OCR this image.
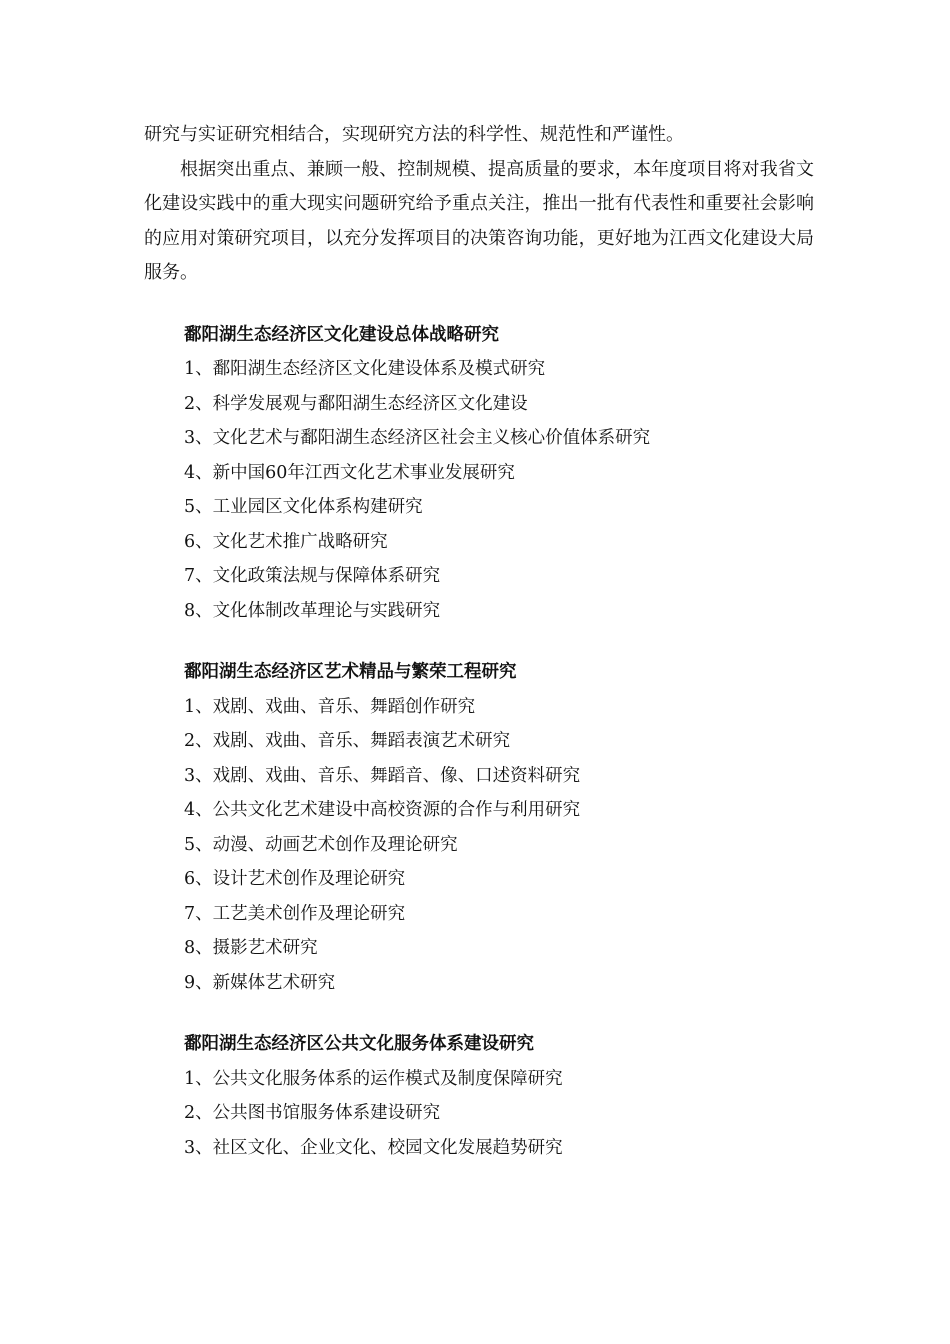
研究与实证研究相结合，实现研究方法的科学性、规范性和严谨性。

根据突出重点、兼顾一般、控制规模、提高质量的要求，本年度项目将对我省文化建设实践中的重大现实问题研究给予重点关注，推出一批有代表性和重要社会影响的应用对策研究项目，以充分发挥项目的决策咨询功能，更好地为江西文化建设大局服务。

鄱阳湖生态经济区文化建设总体战略研究
1、鄱阳湖生态经济区文化建设体系及模式研究
2、科学发展观与鄱阳湖生态经济区文化建设
3、文化艺术与鄱阳湖生态经济区社会主义核心价值体系研究
4、新中国60年江西文化艺术事业发展研究
5、工业园区文化体系构建研究
6、文化艺术推广战略研究
7、文化政策法规与保障体系研究
8、文化体制改革理论与实践研究
鄱阳湖生态经济区艺术精品与繁荣工程研究
1、戏剧、戏曲、音乐、舞蹈创作研究
2、戏剧、戏曲、音乐、舞蹈表演艺术研究
3、戏剧、戏曲、音乐、舞蹈音、像、口述资料研究
4、公共文化艺术建设中高校资源的合作与利用研究
5、动漫、动画艺术创作及理论研究
6、设计艺术创作及理论研究
7、工艺美术创作及理论研究
8、摄影艺术研究
9、新媒体艺术研究
鄱阳湖生态经济区公共文化服务体系建设研究
1、公共文化服务体系的运作模式及制度保障研究
2、公共图书馆服务体系建设研究
3、社区文化、企业文化、校园文化发展趋势研究
